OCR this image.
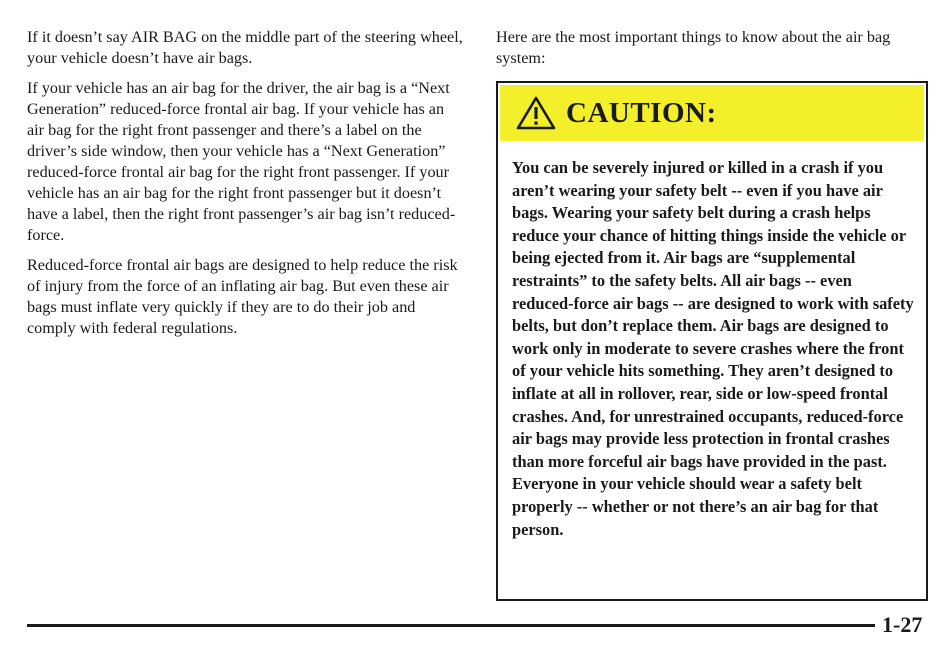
If it doesn’t say AIR BAG on the middle part of the steering wheel, your vehicle doesn’t have air bags.

If your vehicle has an air bag for the driver, the air bag is a “Next Generation” reduced-force frontal air bag. If your vehicle has an air bag for the right front passenger and there’s a label on the driver’s side window, then your vehicle has a “Next Generation” reduced-force frontal air bag for the right front passenger. If your vehicle has an air bag for the right front passenger but it doesn’t have a label, then the right front passenger’s air bag isn’t reduced-force.

Reduced-force frontal air bags are designed to help reduce the risk of injury from the force of an inflating air bag. But even these air bags must inflate very quickly if they are to do their job and comply with federal regulations.

Here are the most important things to know about the air bag system:

CAUTION:

You can be severely injured or killed in a crash if you aren’t wearing your safety belt -- even if you have air bags. Wearing your safety belt during a crash helps reduce your chance of hitting things inside the vehicle or being ejected from it. Air bags are “supplemental restraints” to the safety belts. All air bags -- even reduced-force air bags -- are designed to work with safety belts, but don’t replace them. Air bags are designed to work only in moderate to severe crashes where the front of your vehicle hits something. They aren’t designed to inflate at all in rollover, rear, side or low-speed frontal crashes. And, for unrestrained occupants, reduced-force air bags may provide less protection in frontal crashes than more forceful air bags have provided in the past. Everyone in your vehicle should wear a safety belt properly -- whether or not there’s an air bag for that person.

1-27
